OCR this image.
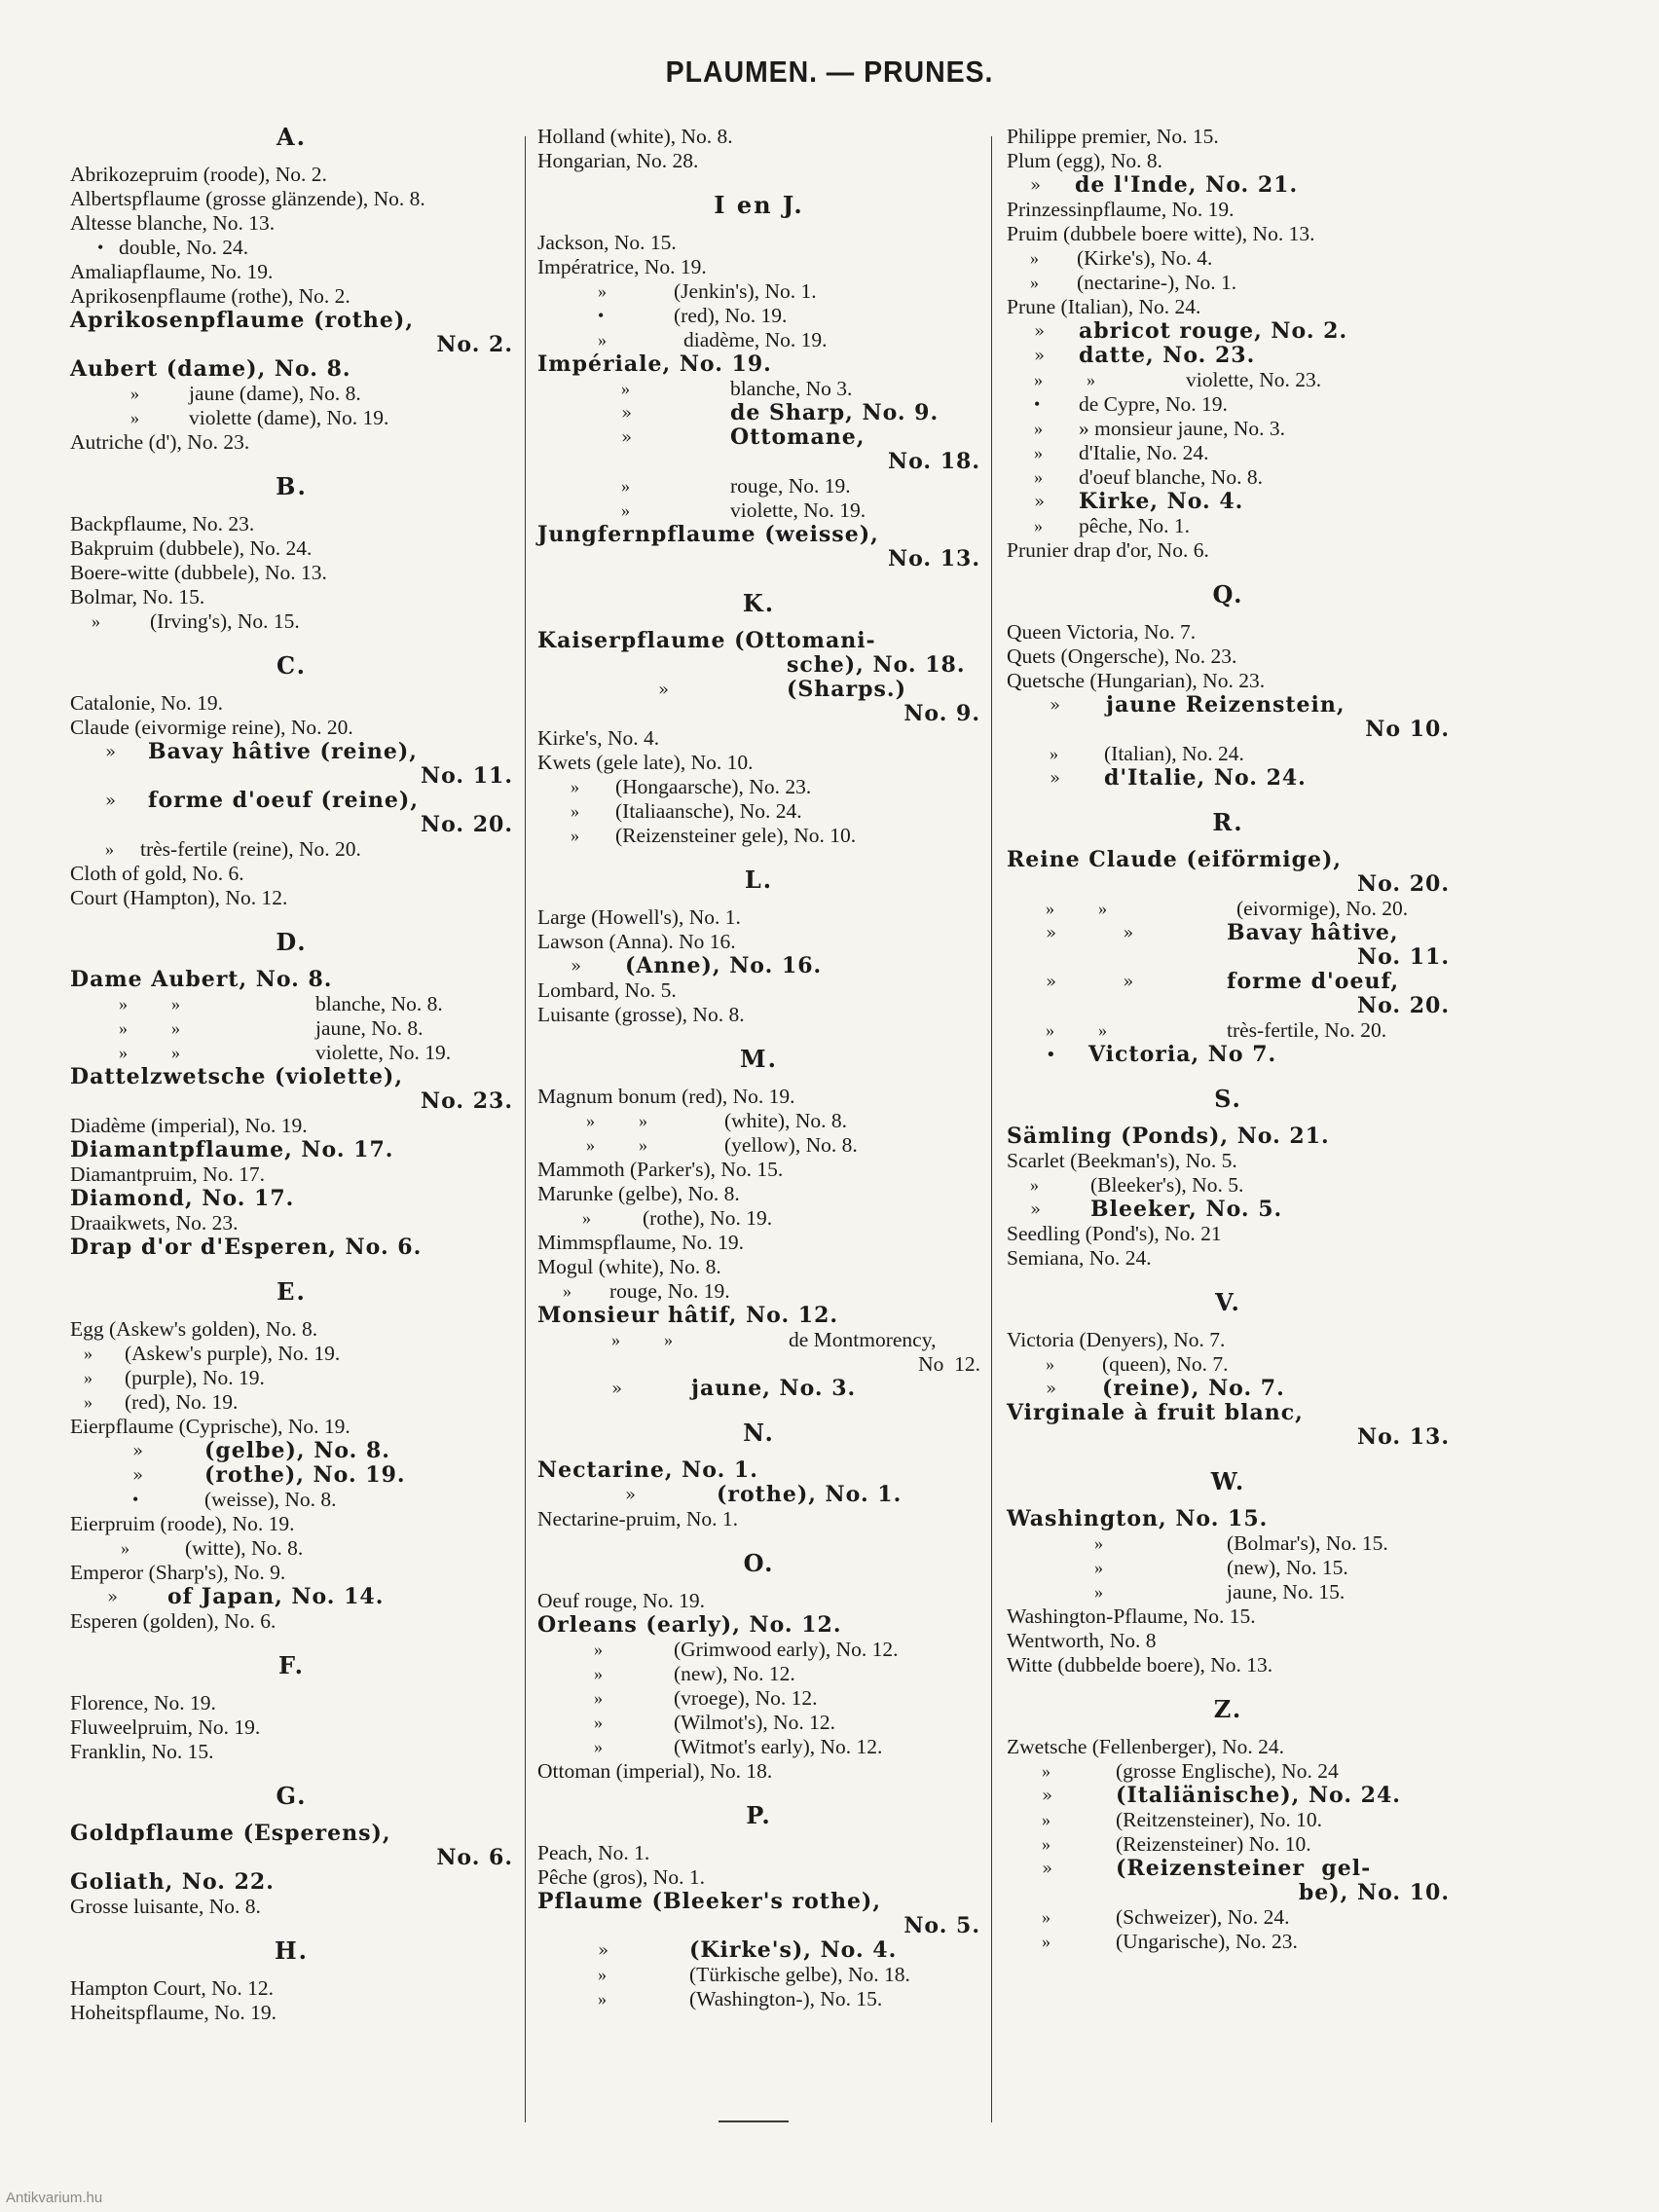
PLAUMEN. — PRUNES.
A.
Abrikozepruim (roode), No. 2.
Albertspflaume (grosse glänzende), No. 8.
Altesse blanche, No. 13.
• double, No. 24.
Amaliapflaume, No. 19.
Aprikosenpflaume (rothe), No. 2.
Aprikosenpflaume (rothe),
No. 2.
Aubert (dame), No. 8.
» jaune (dame), No. 8.
» violette (dame), No. 19.
Autriche (d'), No. 23.
B.
Backpflaume, No. 23.
Bakpruim (dubbele), No. 24.
Boere-witte (dubbele), No. 13.
Bolmar, No. 15.
» (Irving's), No. 15.
C.
Catalonie, No. 19.
Claude (eivormige reine), No. 20.
» Bavay hâtive (reine),
No. 11.
» forme d'oeuf (reine),
No. 20.
» très-fertile (reine), No. 20.
Cloth of gold, No. 6.
Court (Hampton), No. 12.
D.
Dame Aubert, No. 8.
»          »	blanche, No. 8.
»          »	jaune, No. 8.
»          »	violette, No. 19.
Dattelzwetsche (violette),
No. 23.
Diadème (imperial), No. 19.
Diamantpflaume, No. 17.
Diamantpruim, No. 17.
Diamond, No. 17.
Draaikwets, No. 23.
Drap d'or d'Esperen, No. 6.
E.
Egg (Askew's golden), No. 8.
» (Askew's purple), No. 19.
» (purple), No. 19.
» (red), No. 19.
Eierpflaume (Cyprische), No. 19.
»	(gelbe), No. 8.
»	(rothe), No. 19.
•	(weisse), No. 8.
Eierpruim (roode), No. 19.
»	(witte), No. 8.
Emperor (Sharp's), No. 9.
» of Japan, No. 14.
Esperen (golden), No. 6.
F.
Florence, No. 19.
Fluweelpruim, No. 19.
Franklin, No. 15.
G.
Goldpflaume (Esperens),
No. 6.
Goliath, No. 22.
Grosse luisante, No. 8.
H.
Hampton Court, No. 12.
Hoheitspflaume, No. 19.
Holland (white), No. 8.
Hongarian, No. 28.
I en J.
Jackson, No. 15.
Impératrice, No. 19.
»	(Jenkin's), No. 1.
•	(red), No. 19.
»	diadème, No. 19.
Impériale, No. 19.
»	blanche, No 3.
»	de Sharp, No. 9.
»	Ottomane,
No. 18.
»	rouge, No. 19.
»	violette, No. 19.
Jungfernpflaume (weisse),
No. 13.
K.
Kaiserpflaume (Ottomani-
sche), No. 18.
»	(Sharps.)
No. 9.
Kirke's, No. 4.
Kwets (gele late), No. 10.
» (Hongaarsche), No. 23.
» (Italiaansche), No. 24.
» (Reizensteiner gele), No. 10.
L.
Large (Howell's), No. 1.
Lawson (Anna). No 16.
» (Anne), No. 16.
Lombard, No. 5.
Luisante (grosse), No. 8.
M.
Magnum bonum (red), No. 19.
»          »	(white), No. 8.
»          »	(yellow), No. 8.
Mammoth (Parker's), No. 15.
Marunke (gelbe), No. 8.
» (rothe), No. 19.
Mimmspflaume, No. 19.
Mogul (white), No. 8.
» rouge, No. 19.
Monsieur hâtif, No. 12.
»          »	de Montmorency,
No  12.
»	jaune, No. 3.
N.
Nectarine, No. 1.
»	(rothe), No. 1.
Nectarine-pruim, No. 1.
O.
Oeuf rouge, No. 19.
Orleans (early), No. 12.
»	(Grimwood early), No. 12.
»	(new), No. 12.
»	(vroege), No. 12.
»	(Wilmot's), No. 12.
»	(Witmot's early), No. 12.
Ottoman (imperial), No. 18.
P.
Peach, No. 1.
Pêche (gros), No. 1.
Pflaume (Bleeker's rothe),
No. 5.
»	(Kirke's), No. 4.
»	(Türkische gelbe), No. 18.
»	(Washington-), No. 15.
Philippe premier, No. 15.
Plum (egg), No. 8.
» de l'Inde, No. 21.
Prinzessinpflaume, No. 19.
Pruim (dubbele boere witte), No. 13.
» (Kirke's), No. 4.
» (nectarine-), No. 1.
Prune (Italian), No. 24.
» abricot rouge, No. 2.
» datte, No. 23.
»          »	violette, No. 23.
• de Cypre, No. 19.
» » monsieur jaune, No. 3.
» d'Italie, No. 24.
» d'oeuf blanche, No. 8.
» Kirke, No. 4.
» pêche, No. 1.
Prunier drap d'or, No. 6.
Q.
Queen Victoria, No. 7.
Quets (Ongersche), No. 23.
Quetsche (Hungarian), No. 23.
» jaune Reizenstein,
No 10.
» (Italian), No. 24.
» d'Italie, No. 24.
R.
Reine Claude (eiförmige),
No. 20.
»          »	(eivormige), No. 20.
»          »	Bavay hâtive,
No. 11.
»          »	forme d'oeuf,
No. 20.
»          »	très-fertile, No. 20.
• Victoria, No 7.
S.
Sämling (Ponds), No. 21.
Scarlet (Beekman's), No. 5.
» (Bleeker's), No. 5.
» Bleeker, No. 5.
Seedling (Pond's), No. 21
Semiana, No. 24.
V.
Victoria (Denyers), No. 7.
» (queen), No. 7.
» (reine), No. 7.
Virginale à fruit blanc,
No. 13.
W.
Washington, No. 15.
»	(Bolmar's), No. 15.
»	(new), No. 15.
»	jaune, No. 15.
Washington-Pflaume, No. 15.
Wentworth, No. 8
Witte (dubbelde boere), No. 13.
Z.
Zwetsche (Fellenberger), No. 24.
»	(grosse Englische), No. 24
»	(Italiänische), No. 24.
»	(Reitzensteiner), No. 10.
»	(Reizensteiner) No. 10.
»	(Reizensteiner  gel-
be), No. 10.
»	(Schweizer), No. 24.
»	(Ungarische), No. 23.
Antikvarium.hu
